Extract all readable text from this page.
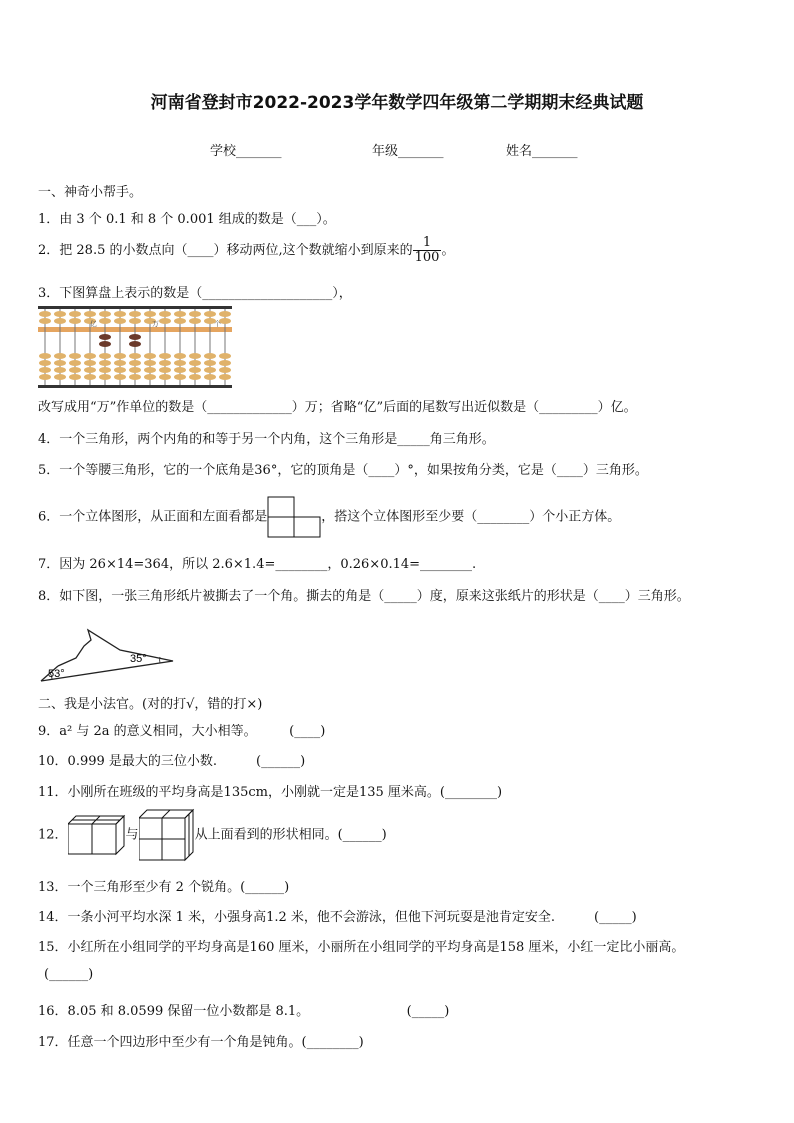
河南省登封市2022-2023学年数学四年级第二学期期末经典试题
学校_______	年级_______	姓名_______
一、神奇小帮手。
1．由 3 个 0.1 和 8 个 0.001 组成的数是（___）。
2．把 28.5 的小数点向（____）移动两位,这个数就缩小到原来的 $\frac{1}{100}$ 。
3．下图算盘上表示的数是（____________________），
亿	万	个
改写成用“万”作单位的数是（_____________）万；省略“亿”后面的尾数写出近似数是（_________）亿。
4．一个三角形，两个内角的和等于另一个内角，这个三角形是_____角三角形。
5．一个等腰三角形，它的一个底角是36°，它的顶角是（____）°，如果按角分类，它是（____）三角形。
6．一个立体图形，从正面和左面看都是	，搭这个立体图形至少要（________）个小正方体。
7．因为 26×14=364，所以 2.6×1.4=________，0.26×0.14=________.
8．如下图，一张三角形纸片被撕去了一个角。撕去的角是（_____）度，原来这张纸片的形状是（____）三角形。
53°
35°
二、我是小法官。(对的打√，错的打×)
9．a² 与 2a 的意义相同，大小相等。　　　(____)
10．0.999 是最大的三位小数.　　　(______)
11．小刚所在班级的平均身高是135cm，小刚就一定是135 厘米高。(________)
12．	与	从上面看到的形状相同。(______)
13．一个三角形至少有 2 个锐角。(______)
14．一条小河平均水深 1 米，小强身高1.2 米，他不会游泳，但他下河玩耍是池肯定安全.　　　(_____)
15．小红所在小组同学的平均身高是160 厘米，小丽所在小组同学的平均身高是158 厘米，小红一定比小丽高。
(______)
16．8.05 和 8.0599 保留一位小数都是 8.1。　　　　　　　　(_____)
17．任意一个四边形中至少有一个角是钝角。(________)
